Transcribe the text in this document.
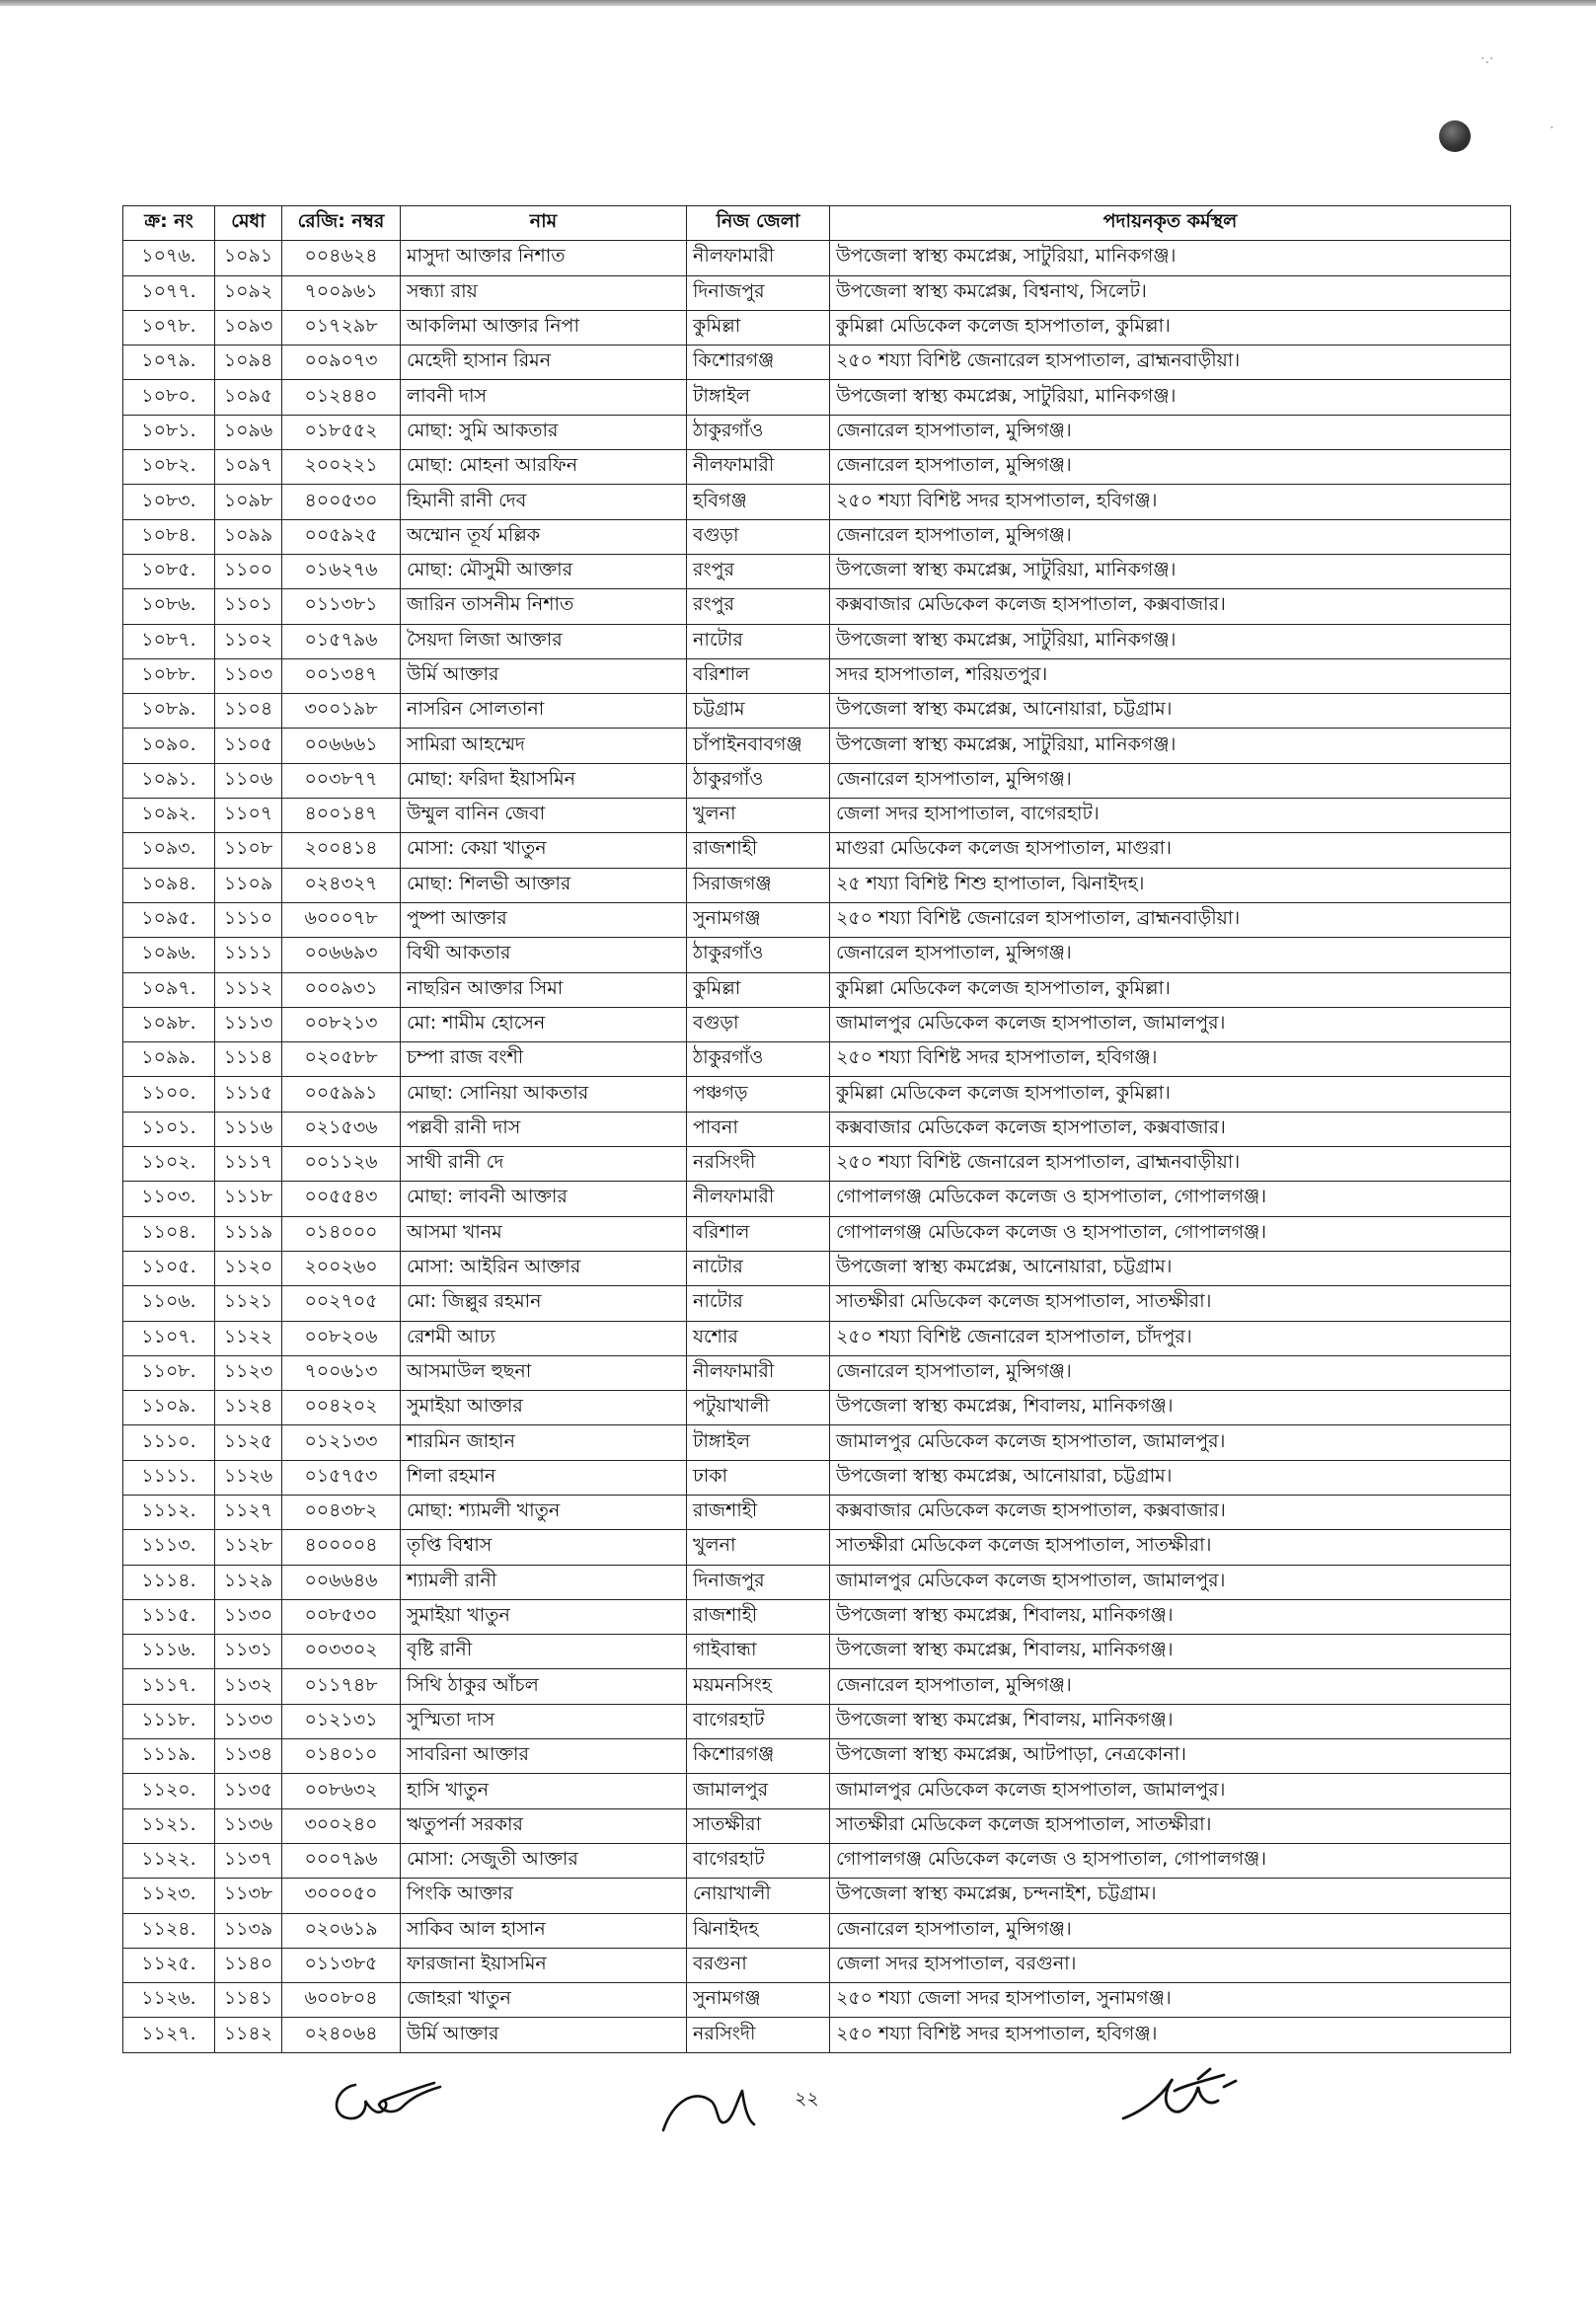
·.·
·
ক্র: নং	মেধা	রেজি: নম্বর	নাম	নিজ জেলা	পদায়নকৃত কর্মস্থল
১০৭৬.	১০৯১	০০৪৬২৪	মাসুদা আক্তার নিশাত	নীলফামারী	উপজেলা স্বাস্থ্য কমপ্লেক্স, সাটুরিয়া, মানিকগঞ্জ।
১০৭৭.	১০৯২	৭০০৯৬১	সন্ধ্যা রায়	দিনাজপুর	উপজেলা স্বাস্থ্য কমপ্লেক্স, বিশ্বনাথ, সিলেট।
১০৭৮.	১০৯৩	০১৭২৯৮	আকলিমা আক্তার নিপা	কুমিল্লা	কুমিল্লা মেডিকেল কলেজ হাসপাতাল, কুমিল্লা।
১০৭৯.	১০৯৪	০০৯০৭৩	মেহেদী হাসান রিমন	কিশোরগঞ্জ	২৫০ শয্যা বিশিষ্ট জেনারেল হাসপাতাল, ব্রাহ্মনবাড়ীয়া।
১০৮০.	১০৯৫	০১২৪৪০	লাবনী দাস	টাঙ্গাইল	উপজেলা স্বাস্থ্য কমপ্লেক্স, সাটুরিয়া, মানিকগঞ্জ।
১০৮১.	১০৯৬	০১৮৫৫২	মোছা: সুমি আকতার	ঠাকুরগাঁও	জেনারেল হাসপাতাল, মুন্সিগঞ্জ।
১০৮২.	১০৯৭	২০০২২১	মোছা: মোহনা আরফিন	নীলফামারী	জেনারেল হাসপাতাল, মুন্সিগঞ্জ।
১০৮৩.	১০৯৮	৪০০৫৩০	হিমানী রানী দেব	হবিগঞ্জ	২৫০ শয্যা বিশিষ্ট সদর হাসপাতাল, হবিগঞ্জ।
১০৮৪.	১০৯৯	০০৫৯২৫	অম্মোন তূর্য মল্লিক	বগুড়া	জেনারেল হাসপাতাল, মুন্সিগঞ্জ।
১০৮৫.	১১০০	০১৬২৭৬	মোছা: মৌসুমী আক্তার	রংপুর	উপজেলা স্বাস্থ্য কমপ্লেক্স, সাটুরিয়া, মানিকগঞ্জ।
১০৮৬.	১১০১	০১১৩৮১	জারিন তাসনীম নিশাত	রংপুর	কক্সবাজার মেডিকেল কলেজ হাসপাতাল, কক্সবাজার।
১০৮৭.	১১০২	০১৫৭৯৬	সৈয়দা লিজা আক্তার	নাটোর	উপজেলা স্বাস্থ্য কমপ্লেক্স, সাটুরিয়া, মানিকগঞ্জ।
১০৮৮.	১১০৩	০০১৩৪৭	উর্মি আক্তার	বরিশাল	সদর হাসপাতাল, শরিয়তপুর।
১০৮৯.	১১০৪	৩০০১৯৮	নাসরিন সোলতানা	চট্টগ্রাম	উপজেলা স্বাস্থ্য কমপ্লেক্স, আনোয়ারা, চট্টগ্রাম।
১০৯০.	১১০৫	০০৬৬৬১	সামিরা আহম্মেদ	চাঁপাইনবাবগঞ্জ	উপজেলা স্বাস্থ্য কমপ্লেক্স, সাটুরিয়া, মানিকগঞ্জ।
১০৯১.	১১০৬	০০৩৮৭৭	মোছা: ফরিদা ইয়াসমিন	ঠাকুরগাঁও	জেনারেল হাসপাতাল, মুন্সিগঞ্জ।
১০৯২.	১১০৭	৪০০১৪৭	উম্মুল বানিন জেবা	খুলনা	জেলা সদর হাসাপাতাল, বাগেরহাট।
১০৯৩.	১১০৮	২০০৪১৪	মোসা: কেয়া খাতুন	রাজশাহী	মাগুরা মেডিকেল কলেজ হাসপাতাল, মাগুরা।
১০৯৪.	১১০৯	০২৪৩২৭	মোছা: শিলভী আক্তার	সিরাজগঞ্জ	২৫ শয্যা বিশিষ্ট শিশু হাপাতাল, ঝিনাইদহ।
১০৯৫.	১১১০	৬০০০৭৮	পুষ্পা আক্তার	সুনামগঞ্জ	২৫০ শয্যা বিশিষ্ট জেনারেল হাসপাতাল, ব্রাহ্মনবাড়ীয়া।
১০৯৬.	১১১১	০০৬৬৯৩	বিথী আকতার	ঠাকুরগাঁও	জেনারেল হাসপাতাল, মুন্সিগঞ্জ।
১০৯৭.	১১১২	০০০৯৩১	নাছরিন আক্তার সিমা	কুমিল্লা	কুমিল্লা মেডিকেল কলেজ হাসপাতাল, কুমিল্লা।
১০৯৮.	১১১৩	০০৮২১৩	মো: শামীম হোসেন	বগুড়া	জামালপুর মেডিকেল কলেজ হাসপাতাল, জামালপুর।
১০৯৯.	১১১৪	০২০৫৮৮	চম্পা রাজ বংশী	ঠাকুরগাঁও	২৫০ শয্যা বিশিষ্ট সদর হাসপাতাল, হবিগঞ্জ।
১১০০.	১১১৫	০০৫৯৯১	মোছা: সোনিয়া আকতার	পঞ্চগড়	কুমিল্লা মেডিকেল কলেজ হাসপাতাল, কুমিল্লা।
১১০১.	১১১৬	০২১৫৩৬	পল্লবী রানী দাস	পাবনা	কক্সবাজার মেডিকেল কলেজ হাসপাতাল, কক্সবাজার।
১১০২.	১১১৭	০০১১২৬	সাথী রানী দে	নরসিংদী	২৫০ শয্যা বিশিষ্ট জেনারেল হাসপাতাল, ব্রাহ্মনবাড়ীয়া।
১১০৩.	১১১৮	০০৫৫৪৩	মোছা: লাবনী আক্তার	নীলফামারী	গোপালগঞ্জ মেডিকেল কলেজ ও হাসপাতাল, গোপালগঞ্জ।
১১০৪.	১১১৯	০১৪০০০	আসমা খানম	বরিশাল	গোপালগঞ্জ মেডিকেল কলেজ ও হাসপাতাল, গোপালগঞ্জ।
১১০৫.	১১২০	২০০২৬০	মোসা: আইরিন আক্তার	নাটোর	উপজেলা স্বাস্থ্য কমপ্লেক্স, আনোয়ারা, চট্টগ্রাম।
১১০৬.	১১২১	০০২৭০৫	মো: জিল্লুর রহমান	নাটোর	সাতক্ষীরা মেডিকেল কলেজ হাসপাতাল, সাতক্ষীরা।
১১০৭.	১১২২	০০৮২০৬	রেশমী আঢ্য	যশোর	২৫০ শয্যা বিশিষ্ট জেনারেল হাসপাতাল, চাঁদপুর।
১১০৮.	১১২৩	৭০০৬১৩	আসমাউল হুছনা	নীলফামারী	জেনারেল হাসপাতাল, মুন্সিগঞ্জ।
১১০৯.	১১২৪	০০৪২০২	সুমাইয়া আক্তার	পটুয়াখালী	উপজেলা স্বাস্থ্য কমপ্লেক্স, শিবালয়, মানিকগঞ্জ।
১১১০.	১১২৫	০১২১৩৩	শারমিন জাহান	টাঙ্গাইল	জামালপুর মেডিকেল কলেজ হাসপাতাল, জামালপুর।
১১১১.	১১২৬	০১৫৭৫৩	শিলা রহমান	ঢাকা	উপজেলা স্বাস্থ্য কমপ্লেক্স, আনোয়ারা, চট্টগ্রাম।
১১১২.	১১২৭	০০৪৩৮২	মোছা: শ্যামলী খাতুন	রাজশাহী	কক্সবাজার মেডিকেল কলেজ হাসপাতাল, কক্সবাজার।
১১১৩.	১১২৮	৪০০০০৪	তৃপ্তি বিশ্বাস	খুলনা	সাতক্ষীরা মেডিকেল কলেজ হাসপাতাল, সাতক্ষীরা।
১১১৪.	১১২৯	০০৬৬৪৬	শ্যামলী রানী	দিনাজপুর	জামালপুর মেডিকেল কলেজ হাসপাতাল, জামালপুর।
১১১৫.	১১৩০	০০৮৫৩০	সুমাইয়া খাতুন	রাজশাহী	উপজেলা স্বাস্থ্য কমপ্লেক্স, শিবালয়, মানিকগঞ্জ।
১১১৬.	১১৩১	০০৩৩০২	বৃষ্টি রানী	গাইবান্ধা	উপজেলা স্বাস্থ্য কমপ্লেক্স, শিবালয়, মানিকগঞ্জ।
১১১৭.	১১৩২	০১১৭৪৮	সিথি ঠাকুর আঁচল	ময়মনসিংহ	জেনারেল হাসপাতাল, মুন্সিগঞ্জ।
১১১৮.	১১৩৩	০১২১৩১	সুস্মিতা দাস	বাগেরহাট	উপজেলা স্বাস্থ্য কমপ্লেক্স, শিবালয়, মানিকগঞ্জ।
১১১৯.	১১৩৪	০১৪০১০	সাবরিনা আক্তার	কিশোরগঞ্জ	উপজেলা স্বাস্থ্য কমপ্লেক্স, আটপাড়া, নেত্রকোনা।
১১২০.	১১৩৫	০০৮৬৩২	হাসি খাতুন	জামালপুর	জামালপুর মেডিকেল কলেজ হাসপাতাল, জামালপুর।
১১২১.	১১৩৬	৩০০২৪০	ঋতুপর্না সরকার	সাতক্ষীরা	সাতক্ষীরা মেডিকেল কলেজ হাসপাতাল, সাতক্ষীরা।
১১২২.	১১৩৭	০০০৭৯৬	মোসা: সেজুতী আক্তার	বাগেরহাট	গোপালগঞ্জ মেডিকেল কলেজ ও হাসপাতাল, গোপালগঞ্জ।
১১২৩.	১১৩৮	৩০০০৫০	পিংকি আক্তার	নোয়াখালী	উপজেলা স্বাস্থ্য কমপ্লেক্স, চন্দনাইশ, চট্টগ্রাম।
১১২৪.	১১৩৯	০২০৬১৯	সাকিব আল হাসান	ঝিনাইদহ	জেনারেল হাসপাতাল, মুন্সিগঞ্জ।
১১২৫.	১১৪০	০১১৩৮৫	ফারজানা ইয়াসমিন	বরগুনা	জেলা সদর হাসপাতাল, বরগুনা।
১১২৬.	১১৪১	৬০০৮০৪	জোহরা খাতুন	সুনামগঞ্জ	২৫০ শয্যা জেলা সদর হাসপাতাল, সুনামগঞ্জ।
১১২৭.	১১৪২	০২৪০৬৪	উর্মি আক্তার	নরসিংদী	২৫০ শয্যা বিশিষ্ট সদর হাসপাতাল, হবিগঞ্জ।
২২
